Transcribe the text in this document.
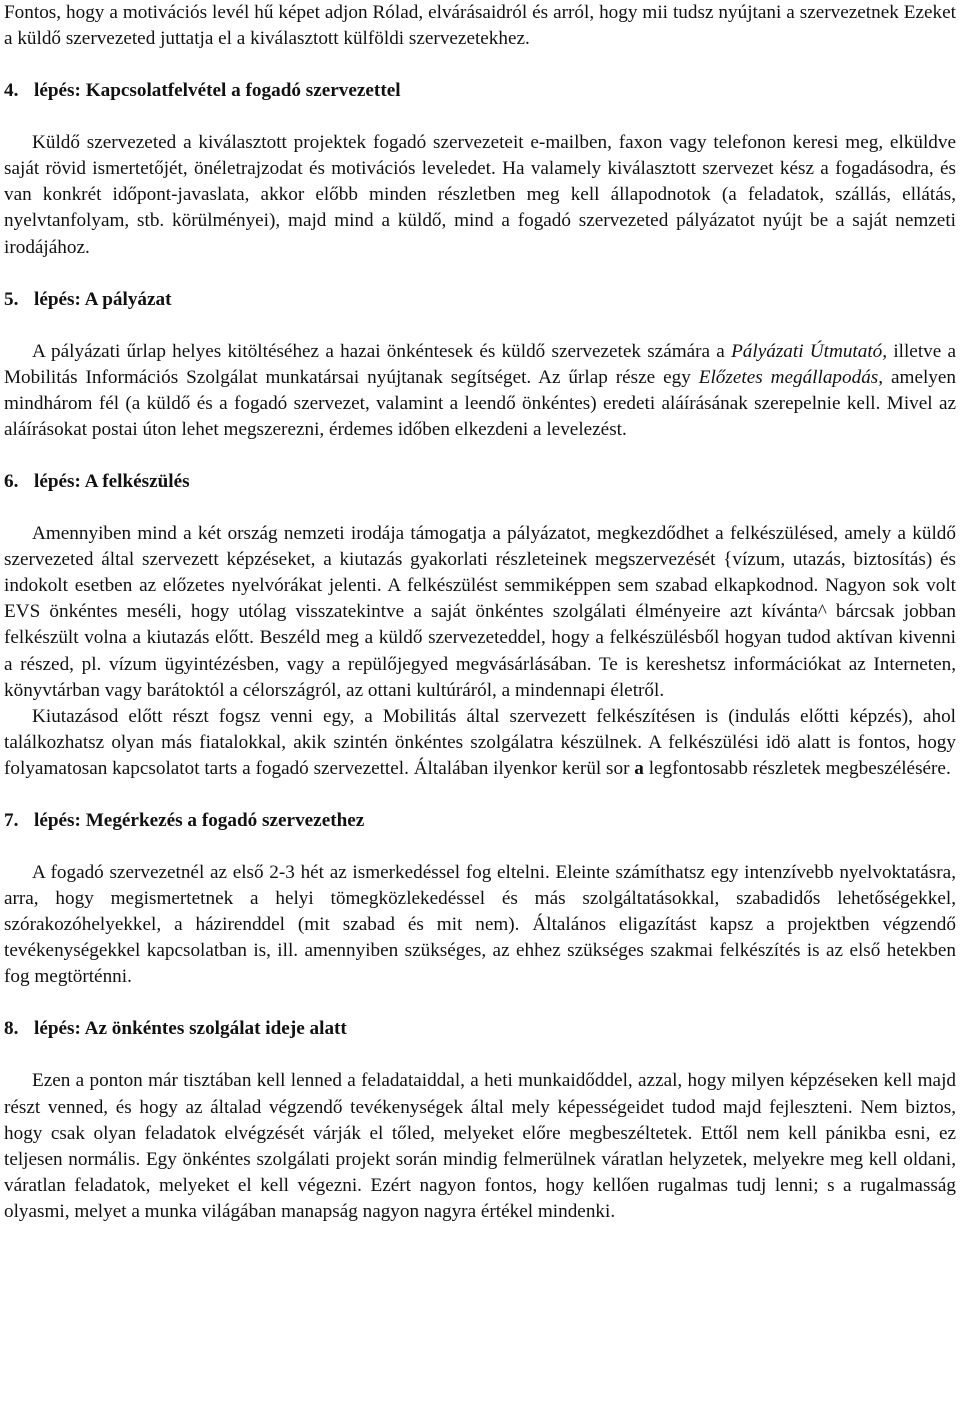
Fontos, hogy a motivációs levél hű képet adjon Rólad, elvárásaidról és arról, hogy mii tudsz nyújtani a szervezetnek Ezeket a küldő szervezeted juttatja el a kiválasztott külföldi szervezetekhez.

4. lépés: Kapcsolatfelvétel a fogadó szervezettel

Küldő szervezeted a kiválasztott projektek fogadó szervezeteit e-mailben, faxon vagy telefonon keresi meg, elküldve saját rövid ismertetőjét, önéletrajzodat és motivációs leveledet. Ha valamely kiválasztott szervezet kész a fogadásodra, és van konkrét időpont-javaslata, akkor előbb minden részletben meg kell állapodnotok (a feladatok, szállás, ellátás, nyelvtanfolyam, stb. körülményei), majd mind a küldő, mind a fogadó szervezeted pályázatot nyújt be a saját nemzeti irodájához.

5. lépés: A pályázat

A pályázati űrlap helyes kitöltéséhez a hazai önkéntesek és küldő szervezetek számára a Pályázati Útmutató, illetve a Mobilitás Információs Szolgálat munkatársai nyújtanak segítséget. Az űrlap része egy Előzetes megállapodás, amelyen mindhárom fél (a küldő és a fogadó szervezet, valamint a leendő önkéntes) eredeti aláírásának szerepelnie kell. Mivel az aláírásokat postai úton lehet megszerezni, érdemes időben elkezdeni a levelezést.

6. lépés: A felkészülés

Amennyiben mind a két ország nemzeti irodája támogatja a pályázatot, megkezdődhet a felkészülésed, amely a küldő szervezeted által szervezett képzéseket, a kiutazás gyakorlati részleteinek megszervezését {vízum, utazás, biztosítás) és indokolt esetben az előzetes nyelvórákat jelenti. A felkészülést semmiképpen sem szabad elkapkodnod. Nagyon sok volt EVS önkéntes meséli, hogy utólag visszatekintve a saját önkéntes szolgálati élményeire azt kívánta^ bárcsak jobban felkészült volna a kiutazás előtt. Beszéld meg a küldő szervezeteddel, hogy a felkészülésből hogyan tudod aktívan kivenni a részed, pl. vízum ügyintézésben, vagy a repülőjegyed megvásárlásában. Te is kereshetsz információkat az Interneten, könyvtárban vagy barátoktól a célországról, az ottani kultúráról, a mindennapi életről.

Kiutazásod előtt részt fogsz venni egy, a Mobilitás által szervezett felkészítésen is (indulás előtti képzés), ahol találkozhatsz olyan más fiatalokkal, akik szintén önkéntes szolgálatra készülnek. A felkészülési idö alatt is fontos, hogy folyamatosan kapcsolatot tarts a fogadó szervezettel. Általában ilyenkor kerül sor a legfontosabb részletek megbeszélésére.

7. lépés: Megérkezés a fogadó szervezethez

A fogadó szervezetnél az első 2-3 hét az ismerkedéssel fog eltelni. Eleinte számíthatsz egy intenzívebb nyelvoktatásra, arra, hogy megismertetnek a helyi tömegközlekedéssel és más szolgáltatásokkal, szabadidős lehetőségekkel, szórakozóhelyekkel, a házirenddel (mit szabad és mit nem). Általános eligazítást kapsz a projektben végzendő tevékenységekkel kapcsolatban is, ill. amennyiben szükséges, az ehhez szükséges szakmai felkészítés is az első hetekben fog megtörténni.

8. lépés: Az önkéntes szolgálat ideje alatt

Ezen a ponton már tisztában kell lenned a feladataiddal, a heti munkaidőddel, azzal, hogy milyen képzéseken kell majd részt venned, és hogy az általad végzendő tevékenységek által mely képességeidet tudod majd fejleszteni. Nem biztos, hogy csak olyan feladatok elvégzését várják el tőled, melyeket előre megbeszéltetek. Ettől nem kell pánikba esni, ez teljesen normális. Egy önkéntes szolgálati projekt során mindig felmerülnek váratlan helyzetek, melyekre meg kell oldani, váratlan feladatok, melyeket el kell végezni. Ezért nagyon fontos, hogy kellően rugalmas tudj lenni; s a rugalmasság olyasmi, melyet a munka világában manapság nagyon nagyra értékel mindenki.
